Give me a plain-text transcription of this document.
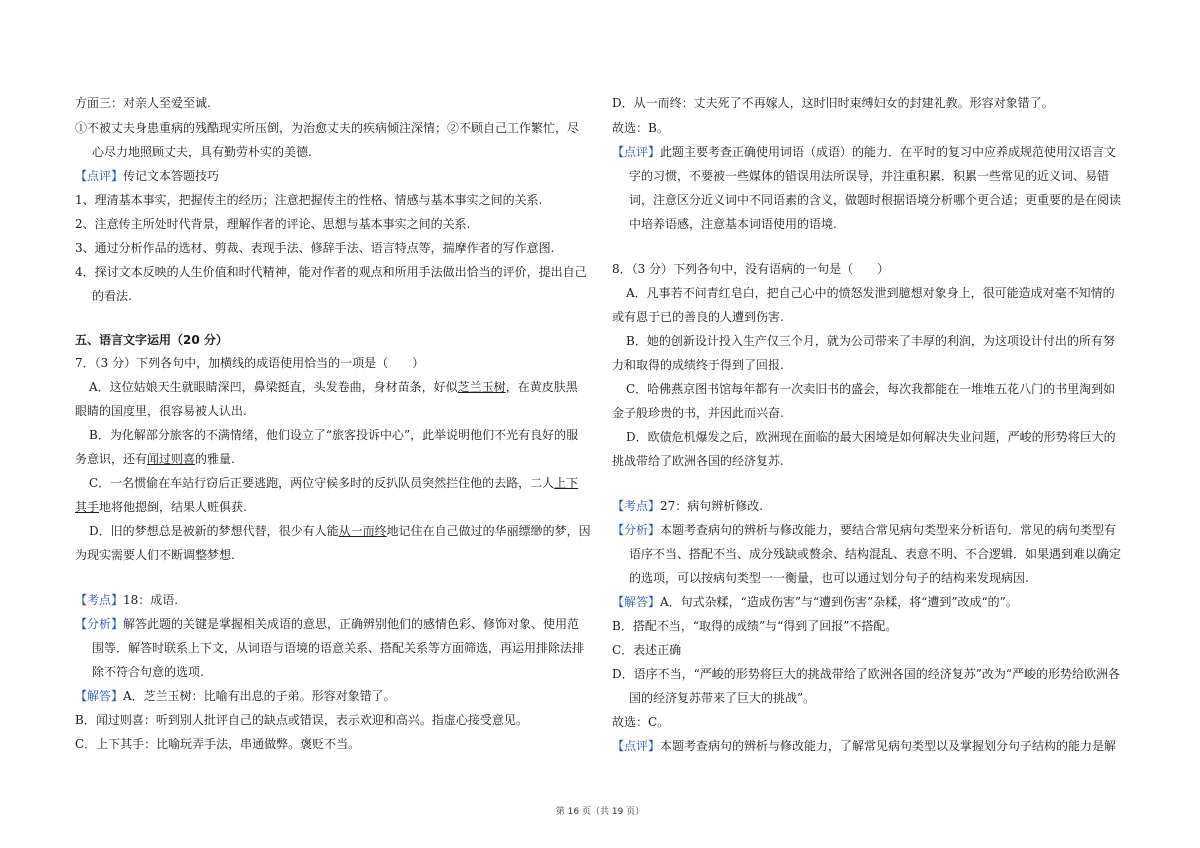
方面三：对亲人至爱至诚.
①不被丈夫身患重病的残酷现实所压倒，为治愈丈夫的疾病倾注深情；②不顾自己工作繁忙，尽
心尽力地照顾丈夫，具有勤劳朴实的美德.
【点评】传记文本答题技巧
1、理清基本事实，把握传主的经历；注意把握传主的性格、情感与基本事实之间的关系.
2、注意传主所处时代背景，理解作者的评论、思想与基本事实之间的关系.
3、通过分析作品的选材、剪裁、表现手法、修辞手法、语言特点等，揣摩作者的写作意图.
4．探讨文本反映的人生价值和时代精神，能对作者的观点和所用手法做出恰当的评价，提出自己
的看法.
五、语言文字运用（20 分）
7．（3 分）下列各句中，加横线的成语使用恰当的一项是（　　）
A．这位姑娘天生就眼睛深凹，鼻梁挺直，头发卷曲，身材苗条，好似芝兰玉树，在黄皮肤黑
眼睛的国度里，很容易被人认出.
B．为化解部分旅客的不满情绪，他们设立了“旅客投诉中心”，此举说明他们不光有良好的服
务意识，还有闻过则喜的雅量.
C．一名惯偷在车站行窃后正要逃跑，两位守候多时的反扒队员突然拦住他的去路，二人上下
其手地将他摁倒，结果人赃俱获.
D．旧的梦想总是被新的梦想代替，很少有人能从一而终地记住在自己做过的华丽缥缈的梦，因
为现实需要人们不断调整梦想.
【考点】18：成语.
【分析】解答此题的关键是掌握相关成语的意思，正确辨别他们的感情色彩、修饰对象、使用范
围等．解答时联系上下文，从词语与语境的语意关系、搭配关系等方面筛选，再运用排除法排
除不符合句意的选项.
【解答】A．芝兰玉树：比喻有出息的子弟。形容对象错了。
B．闻过则喜：听到别人批评自己的缺点或错误，表示欢迎和高兴。指虚心接受意见。
C．上下其手：比喻玩弄手法，串通做弊。褒贬不当。
D．从一而终：丈夫死了不再嫁人，这时旧时束缚妇女的封建礼教。形容对象错了。
故选：B。
【点评】此题主要考查正确使用词语（成语）的能力．在平时的复习中应养成规范使用汉语言文
字的习惯，不要被一些媒体的错误用法所误导，并注重积累．积累一些常见的近义词、易错
词，注意区分近义词中不同语素的含义，做题时根据语境分析哪个更合适；更重要的是在阅读
中培养语感，注意基本词语使用的语境.
8．（3 分）下列各句中，没有语病的一句是（　　）
A．凡事若不问青红皂白，把自己心中的愤怒发泄到臆想对象身上，很可能造成对毫不知情的
或有恩于已的善良的人遭到伤害.
B．她的创新设计投入生产仅三个月，就为公司带来了丰厚的利润，为这项设计付出的所有努
力和取得的成绩终于得到了回报.
C．哈佛燕京图书馆每年都有一次卖旧书的盛会，每次我都能在一堆堆五花八门的书里淘到如
金子般珍贵的书，并因此而兴奋.
D．欧债危机爆发之后，欧洲现在面临的最大困境是如何解决失业问题，严峻的形势将巨大的
挑战带给了欧洲各国的经济复苏.
【考点】27：病句辨析修改.
【分析】本题考查病句的辨析与修改能力，要结合常见病句类型来分析语句．常见的病句类型有
语序不当、搭配不当、成分残缺或赘余、结构混乱、表意不明、不合逻辑．如果遇到难以确定
的选项，可以按病句类型一一衡量，也可以通过划分句子的结构来发现病因.
【解答】A．句式杂糅，“造成伤害”与“遭到伤害”杂糅，将“遭到”改成“的”。
B．搭配不当，“取得的成绩”与“得到了回报”不搭配。
C．表述正确
D．语序不当，“严峻的形势将巨大的挑战带给了欧洲各国的经济复苏”改为“严峻的形势给欧洲各
国的经济复苏带来了巨大的挑战”。
故选：C。
【点评】本题考查病句的辨析与修改能力，了解常见病句类型以及掌握划分句子结构的能力是解
第 16 页（共 19 页）
